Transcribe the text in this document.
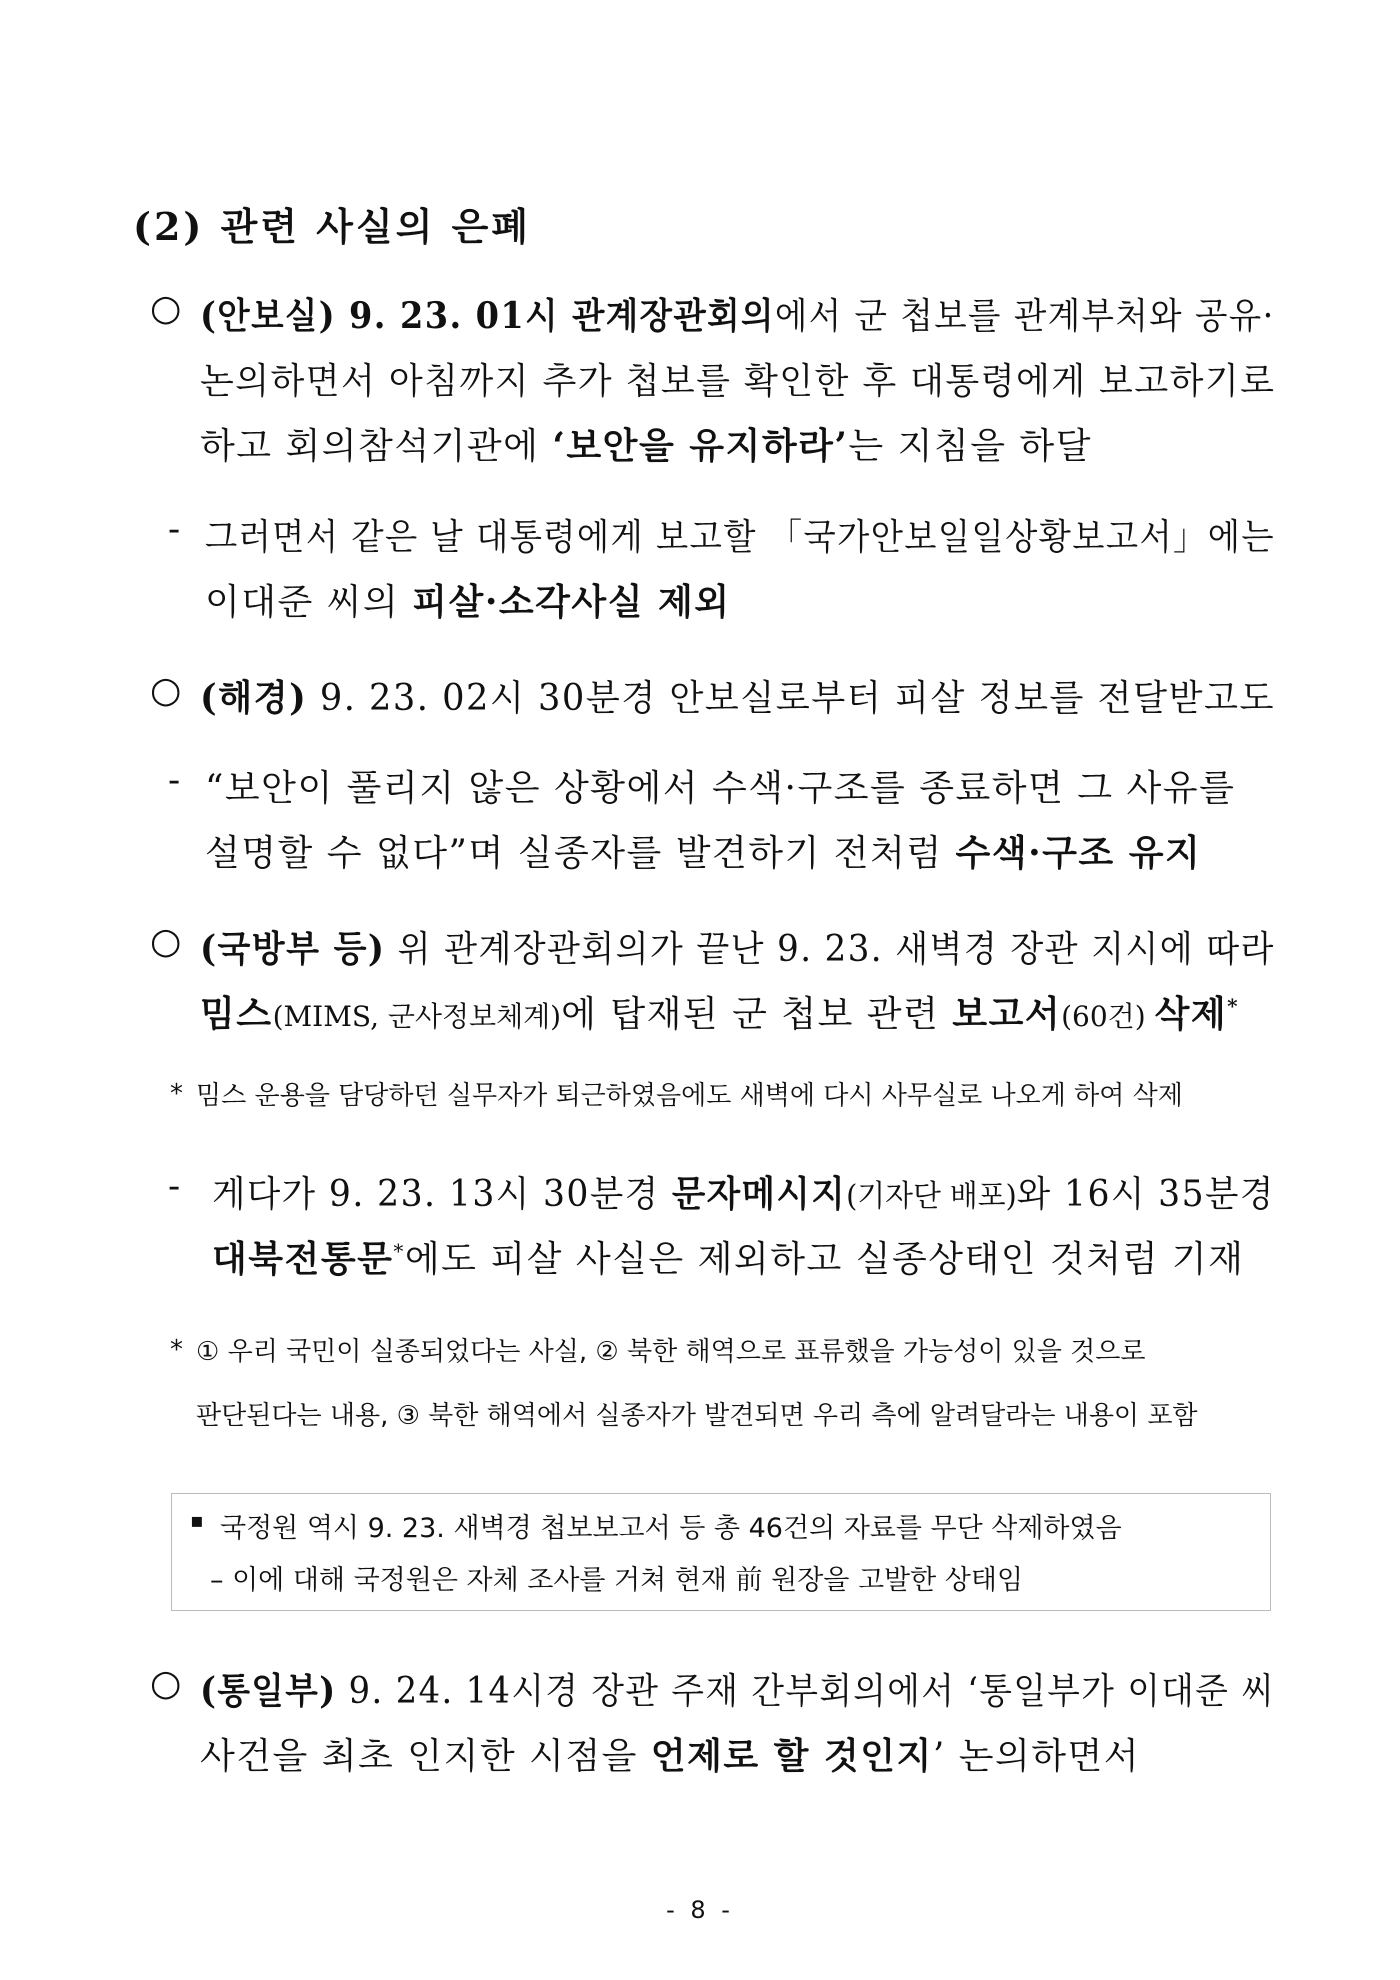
(2) 관련 사실의 은폐
○ (안보실) 9. 23. 01시 관계장관회의에서 군 첩보를 관계부처와 공유·
논의하면서 아침까지 추가 첩보를 확인한 후 대통령에게 보고하기로
하고 회의참석기관에 ‘보안을 유지하라’는 지침을 하달
- 그러면서 같은 날 대통령에게 보고할 「국가안보일일상황보고서」에는
이대준 씨의 피살·소각사실 제외
○ (해경) 9. 23. 02시 30분경 안보실로부터 피살 정보를 전달받고도
- “보안이 풀리지 않은 상황에서 수색·구조를 종료하면 그 사유를
설명할 수 없다”며 실종자를 발견하기 전처럼 수색·구조 유지
○ (국방부 등) 위 관계장관회의가 끝난 9. 23. 새벽경 장관 지시에 따라
밈스(MIMS, 군사정보체계)에 탑재된 군 첩보 관련 보고서(60건) 삭제*
* 밈스 운용을 담당하던 실무자가 퇴근하였음에도 새벽에 다시 사무실로 나오게 하여 삭제
- 게다가 9. 23. 13시 30분경 문자메시지(기자단 배포)와 16시 35분경
대북전통문*에도 피살 사실은 제외하고 실종상태인 것처럼 기재
* ① 우리 국민이 실종되었다는 사실, ② 북한 해역으로 표류했을 가능성이 있을 것으로
판단된다는 내용, ③ 북한 해역에서 실종자가 발견되면 우리 측에 알려달라는 내용이 포함
▪ 국정원 역시 9. 23. 새벽경 첩보보고서 등 총 46건의 자료를 무단 삭제하였음
– 이에 대해 국정원은 자체 조사를 거쳐 현재 前 원장을 고발한 상태임
○ (통일부) 9. 24. 14시경 장관 주재 간부회의에서 ‘통일부가 이대준 씨
사건을 최초 인지한 시점을 언제로 할 것인지’ 논의하면서
- 8 -
